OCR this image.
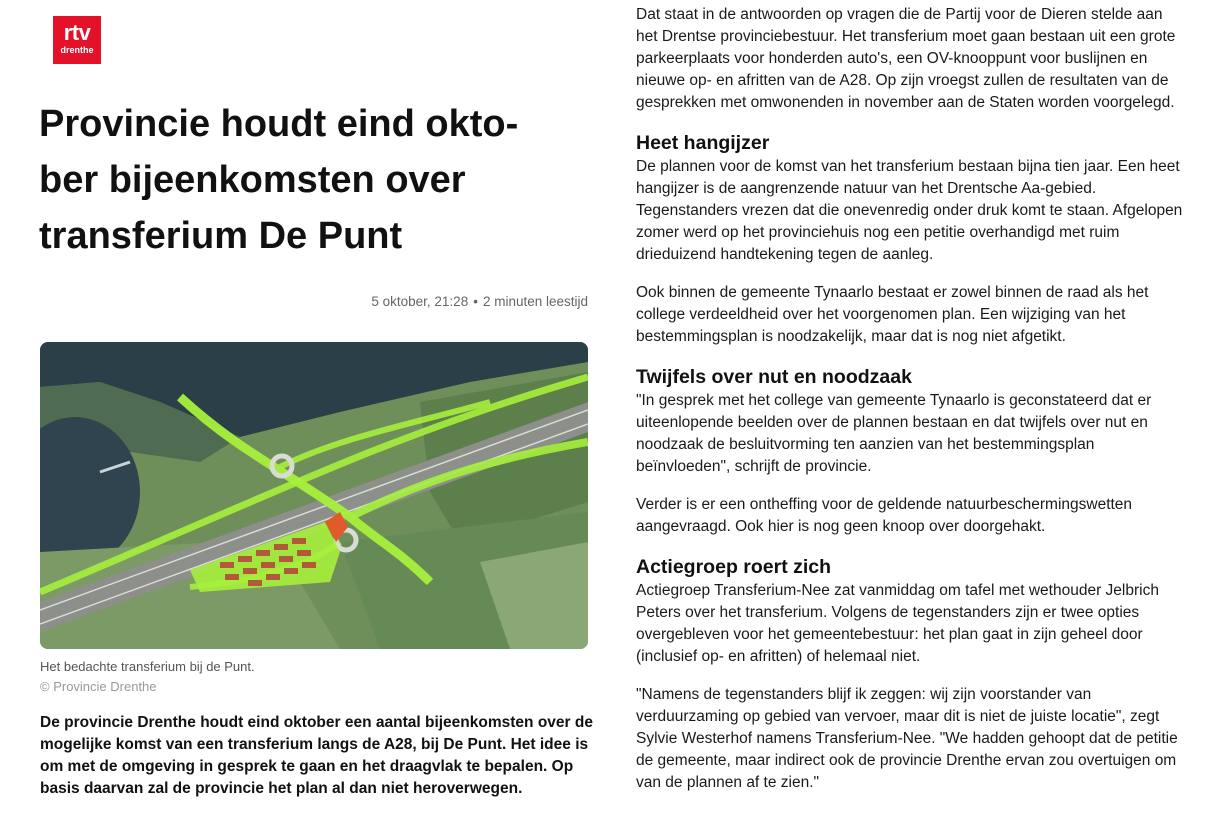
rtv
drenthe
Provincie houdt eind okto-
ber bijeenkomsten over
transferium De Punt
5 oktober, 21:28 • 2 minuten leestijd
Het bedachte transferium bij de Punt.
© Provincie Drenthe

De provincie Drenthe houdt eind oktober een aantal bijeenkomsten over de mogelijke komst van een transferium langs de A28, bij De Punt. Het idee is om met de omgeving in gesprek te gaan en het draagvlak te bepalen. Op basis daarvan zal de provincie het plan al dan niet heroverwegen.

Dat staat in de antwoorden op vragen die de Partij voor de Dieren stelde aan het Drentse provinciebestuur. Het transferium moet gaan bestaan uit een grote parkeerplaats voor honderden auto's, een OV-knooppunt voor buslijnen en nieuwe op- en afritten van de A28. Op zijn vroegst zullen de resultaten van de gesprekken met omwonenden in november aan de Staten worden voorgelegd.

Heet hangijzer

De plannen voor de komst van het transferium bestaan bijna tien jaar. Een heet hangijzer is de aangrenzende natuur van het Drentsche Aa-gebied. Tegenstanders vrezen dat die onevenredig onder druk komt te staan. Afgelopen zomer werd op het provinciehuis nog een petitie overhandigd met ruim drieduizend handtekening tegen de aanleg.

Ook binnen de gemeente Tynaarlo bestaat er zowel binnen de raad als het college verdeeldheid over het voorgenomen plan. Een wijziging van het bestemmingsplan is noodzakelijk, maar dat is nog niet afgetikt.

Twijfels over nut en noodzaak

"In gesprek met het college van gemeente Tynaarlo is geconstateerd dat er uiteenlopende beelden over de plannen bestaan en dat twijfels over nut en noodzaak de besluitvorming ten aanzien van het bestemmingsplan beïnvloeden", schrijft de provincie.

Verder is er een ontheffing voor de geldende natuurbeschermingswetten aangevraagd. Ook hier is nog geen knoop over doorgehakt.

Actiegroep roert zich

Actiegroep Transferium-Nee zat vanmiddag om tafel met wethouder Jelbrich Peters over het transferium. Volgens de tegenstanders zijn er twee opties overgebleven voor het gemeentebestuur: het plan gaat in zijn geheel door (inclusief op- en afritten) of helemaal niet.

"Namens de tegenstanders blijf ik zeggen: wij zijn voorstander van verduurzaming op gebied van vervoer, maar dit is niet de juiste locatie", zegt Sylvie Westerhof namens Transferium-Nee. "We hadden gehoopt dat de petitie de gemeente, maar indirect ook de provincie Drenthe ervan zou overtuigen om van de plannen af te zien."
